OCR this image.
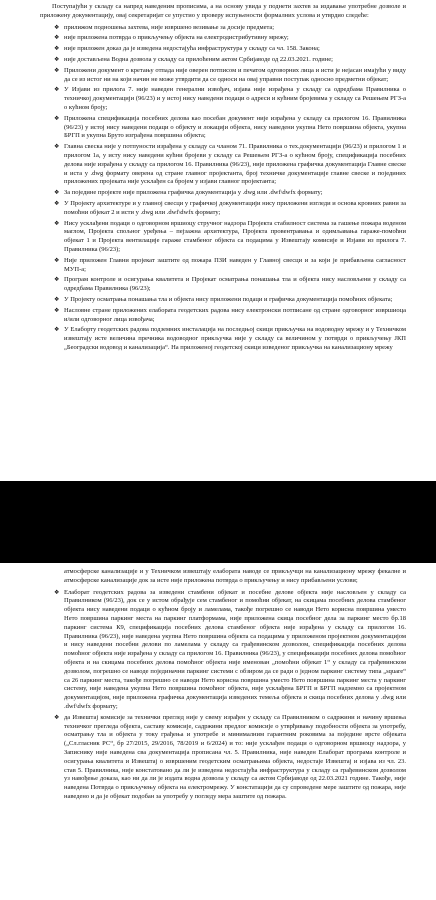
Поступајући у складу са напред наведеним прописима, а на основу увида у поднети захтев за издавање употребне дозволе и приложену документацију, овај секретаријат се упустио у проверу испуњености формалних услова и утврдио следеће:

❖ прилижом подношења захтева, није извршено везивање за досије предмета;
❖ није приложена потврда о прикључењу објекта на електродистрибутивну мрежу;
❖ није приложен доказ да је изведена недостајућа инфраструктура у складу са чл. 158. Закона;
❖ није достављена Водна дозвола у складу са прилоћеним актом Србијаводе од 22.03.2021. године;
❖ Приложени документ о кретању отпада није оверен потписом и печатом одговорних лица и исти је нејасан имајући у виду да се из истог ни на који начин не може утврдити да се односи на овај управни поступак односно предметни објекат;
❖ У Изјави из прилога 7. није наведен генерални извођач, изјава није израђена у складу са одредбама Правилника о техничкој документацији (96/23) и у истој нису наведени подаци о адреси и кућним бројевима у складу са Решењем РГЗ-а о кућном броју;
❖ Приложена спецификација посебних делова као посебан документ није израђена у складу са прилогом 16. Правилника (96/23) у истој нису наведени подаци о објекту и локацији објекта, нису наведени укупна Нето површина објекта, укупна БРГП и укупна Бруто изграђена површина објекта;
❖ Главна свеска није у потпуности израђена у складу са чланом 71. Правилника о тех.документацији (96/23) и прилогом 1 и прилогом 1а, у исту нису наведени кућни бројеви у складу са Решењем РГЗ-а о кућном броју, спецификација посебних делова није израђена у складу са прилогом 16. Правилника (96/23), није приложена графичка документација Главне свеске и иста у .dwg формату оверена од стране главног пројектанта, број техничке документације главне свеске и појединих приложених пројеката није усклађен са бројем у изјави главног пројектанта;
❖ За поједине пројекте није приложена графичка документација у .dwg или .dwf\dwfx формату;
❖ У Пројекту архитектуре и у главној свесци у графичкој документацији нису приложени изгледи и основа кровних равни за помоћни објекат 2 и исти у .dwg или .dwf\dwfx формату;
❖ Нису усклађени подаци о одговорном вршиоцу стручног надзора Пројекта стабилност система за гашење пожара воденом маглом, Пројекта спољног уређења – пејзажна архитектура, Пројекта провентравања и одимљавања гараже-помоћни објекат 1 и Пројекта вентилације гараже стамбеног објекта са подацима у Извештају комисије и Изјави из прилога 7. Правилника (96/23);
❖ Није приложен Главни пројекат заштите од пожара ПЗИ наведен у Главној свесци и за који је прибављена сагласност МУП-а;
❖ Програм контроле и осигурања квалитета и Пројекат осматрања понашања тла и објекта нису насловљени у складу са одредбама Правилника (96/23);
❖ У Пројекту осматрања понашања тла и објекта нису приложени подаци и графичка документација помоћних објеката;
❖ Насловне стране приложених елабората геодетских радова нису електронски потписане од стране одговорног извршиоца и/или одговорног лица извођача;
❖ У Елаборту геодетских радова подземних инсталација на последњој скици прикључка на водоводну мрежу и у Техничком извештају исте величина пречника водоводног прикључка није у складу са величином у потврди о прикључењу ЈКП „Београдски водовод и канализација“. На приложеној геодетској скици изведеног прикључка на канализациону мрежу

атмосферске канализације и у Техничком извештају елабората наводе се прикључци на канализациону мрежу фекалне и атмосферске канализације док за исте није приложена потврда о прикључењу и нису прибављени услови;

❖ Елаборат геодетских радова за изведени стамбени објекат и посебне делове објекта није насловљен у складу са Правилником (96/23), док се у истом обрађује сем стамбеног и помоћни објекат, на скицама посебних делова стамбеног објекта нису наведени подаци о кућном броју и ламелама, такође погрешно се наводи Нето корисна површина уместо Нето површина паркинг места на паркинг платформама, није приложена скица посебног дела за паркинг место бр.18 паркинг система К9, спецификација посебних делова стамбеног објекта није израђена у складу са прилогом 16. Правилника (96/23), није наведена укупна Нето површина објекта са подацима у приложеном пројектном документацијом и нису наведени посебни делови по ламелама у складу са грађевинском дозволом, спецификација посебних делова помоћног објекта није израђена у складу са прилогом 16. Правилника (96/23), у спецификацији посебних делова помоћног објекта и на скицама посебних делова помоћног објекта није именован „помоћни објекат 1“ у складу са грађевинском дозволом, погрешно се наводе појединачни паркинг системи с обзиром да се ради о једном паркинг систему типа „square“ са 26 паркинг места, такође погрешно се наводи Нето корисна површина уместо Нето површина паркинг места у паркинг систему, није наведена укупна Нето површина помоћног објекта, није усклађена БРГП и БРГП надземно са пројектном документацијом, није приложена графичка документација изведених темеља објекта и скица посебних делова у .dwg или .dwf\dwfx формату;
❖ да Извештај комисије за технички преглед није у свему израђен у складу са Правилником о садржини и начину вршења техничког прегледа објекта, саставу комисије, садржини предлог комисије о утврђивању подобности објекта за употребу, осматрању тла и објекта у току грађења и употребе и минималним гарантним роковима за поједине врсте објеката („Сл.гласник РС“, бр 27/2015, 29/2016, 78/2019 и 6/2024) и то: није усклађен подаци о одговорном вршиоцу надзора, у Записнику није наведена сва документација прописана чл. 5. Правилника, није наведен Елаборат програма контроле и осигурања квалитета и Извештај о извршеним геодетским осматрањима објекта, недостаје Извештај и изјава из чл. 23. став 5. Правилника, није констатовано да ли је изведена недостајућа инфраструктура у складу са грађевинском дозволом уз навођење доказа, као ни да ли је издата водна дозвола у складу са актом Србијаводе од 22.03.2021 године. Такође, није наведена Потврда о прикључењу објекта на електромрежу. У констатацији да су спроведене мере заштите од пожара, није наведено и да је објекат подобан за употребу у погледу мера заштите од пожара.
